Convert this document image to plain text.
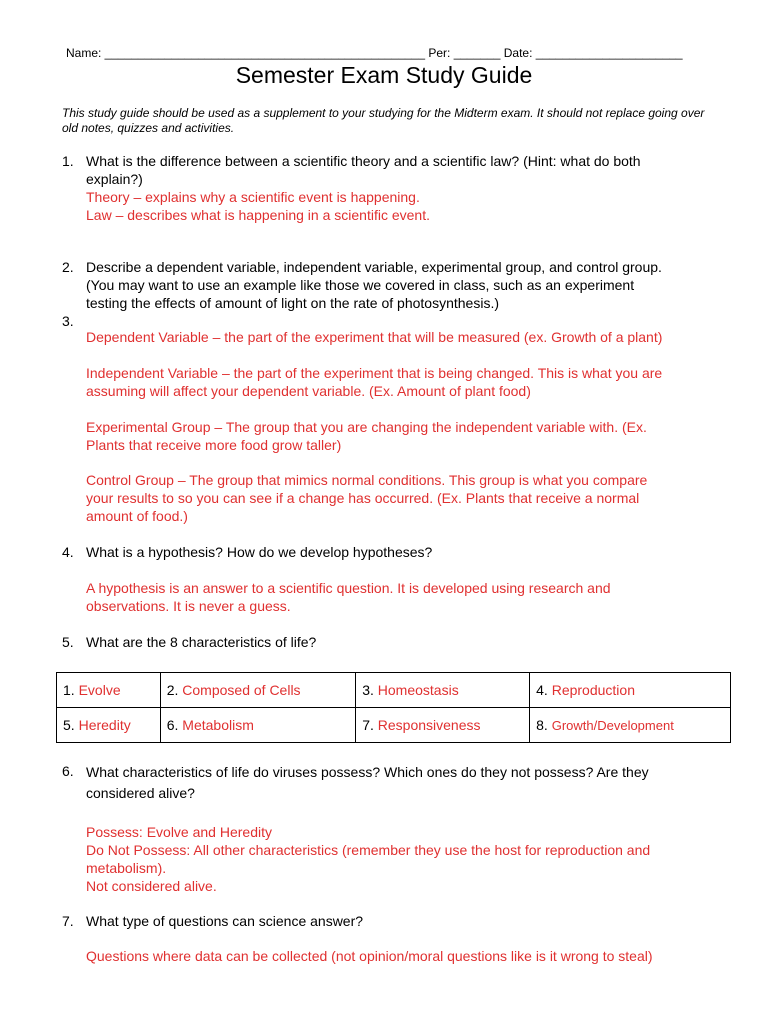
Name: ________________________________________________ Per: _______ Date: ______________________
Semester Exam Study Guide
This study guide should be used as a supplement to your studying for the Midterm exam. It should not replace going over old notes, quizzes and activities.
1. What is the difference between a scientific theory and a scientific law? (Hint: what do both
explain?)
Theory – explains why a scientific event is happening.
Law – describes what is happening in a scientific event.
2. Describe a dependent variable, independent variable, experimental group, and control group.
(You may want to use an example like those we covered in class, such as an experiment
testing the effects of amount of light on the rate of photosynthesis.)
3.
Dependent Variable – the part of the experiment that will be measured (ex. Growth of a plant)
Independent Variable – the part of the experiment that is being changed. This is what you are
assuming will affect your dependent variable. (Ex. Amount of plant food)
Experimental Group – The group that you are changing the independent variable with. (Ex.
Plants that receive more food grow taller)
Control Group – The group that mimics normal conditions. This group is what you compare
your results to so you can see if a change has occurred. (Ex. Plants that receive a normal
amount of food.)
4. What is a hypothesis? How do we develop hypotheses?
A hypothesis is an answer to a scientific question. It is developed using research and
observations. It is never a guess.
5. What are the 8 characteristics of life?
1. Evolve	2. Composed of Cells	3. Homeostasis	4. Reproduction
5. Heredity	6. Metabolism	7. Responsiveness	8. Growth/Development
6. What characteristics of life do viruses possess? Which ones do they not possess? Are they
considered alive?
Possess: Evolve and Heredity
Do Not Possess: All other characteristics (remember they use the host for reproduction and
metabolism).
Not considered alive.
7. What type of questions can science answer?
Questions where data can be collected (not opinion/moral questions like is it wrong to steal)
